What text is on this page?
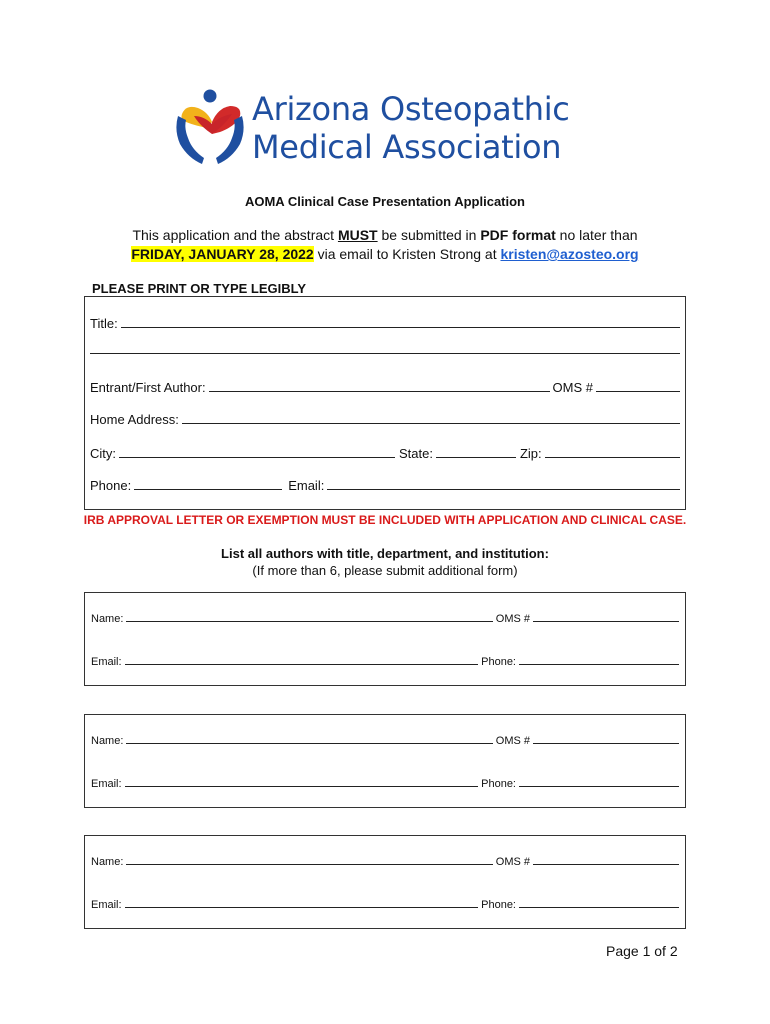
Arizona Osteopathic
Medical Association
AOMA Clinical Case Presentation Application
This application and the abstract MUST be submitted in PDF format no later than
FRIDAY, JANUARY 28, 2022 via email to Kristen Strong at kristen@azosteo.org
PLEASE PRINT OR TYPE LEGIBLY
Title:
Entrant/First Author:	OMS #
Home Address:
City:	State:	Zip:
Phone:	Email:
IRB APPROVAL LETTER OR EXEMPTION MUST BE INCLUDED WITH APPLICATION AND CLINICAL CASE.
List all authors with title, department, and institution:
(If more than 6, please submit additional form)
Name:	OMS #
Email:	Phone:
Name:	OMS #
Email:	Phone:
Name:	OMS #
Email:	Phone:
Page 1 of 2
